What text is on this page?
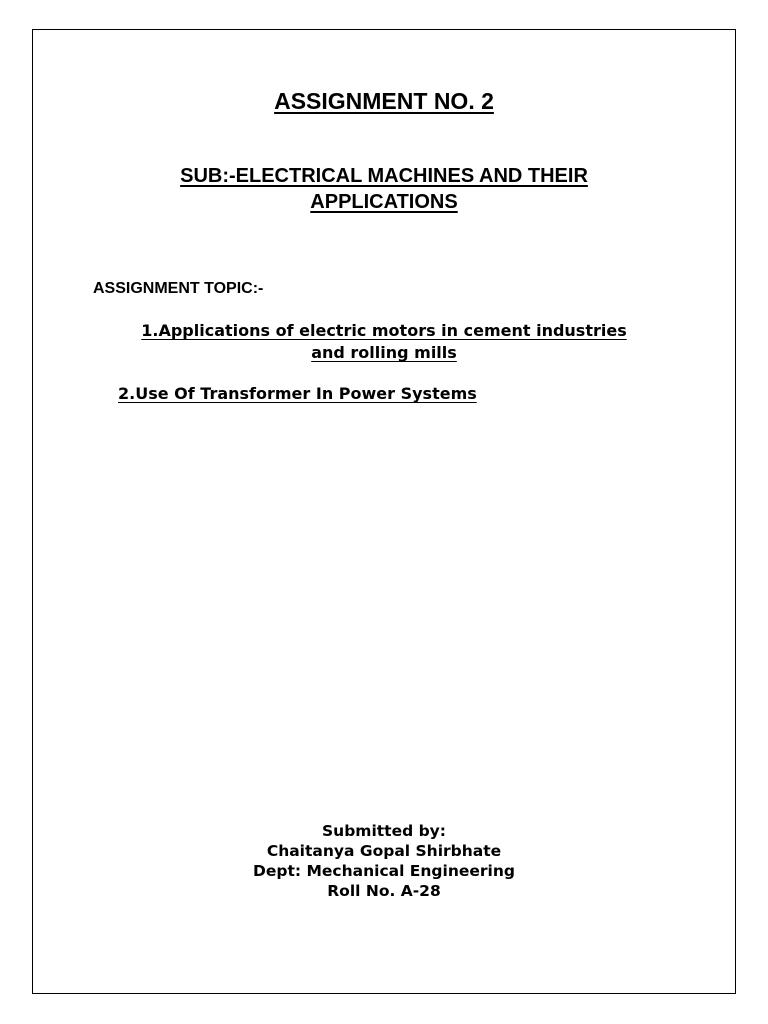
ASSIGNMENT NO. 2
SUB:-ELECTRICAL MACHINES AND THEIR
APPLICATIONS
ASSIGNMENT TOPIC:-
1.Applications of electric motors in cement industries
and rolling mills
2.Use Of Transformer In Power Systems
Submitted by:
Chaitanya Gopal Shirbhate
Dept: Mechanical Engineering
Roll No. A-28
